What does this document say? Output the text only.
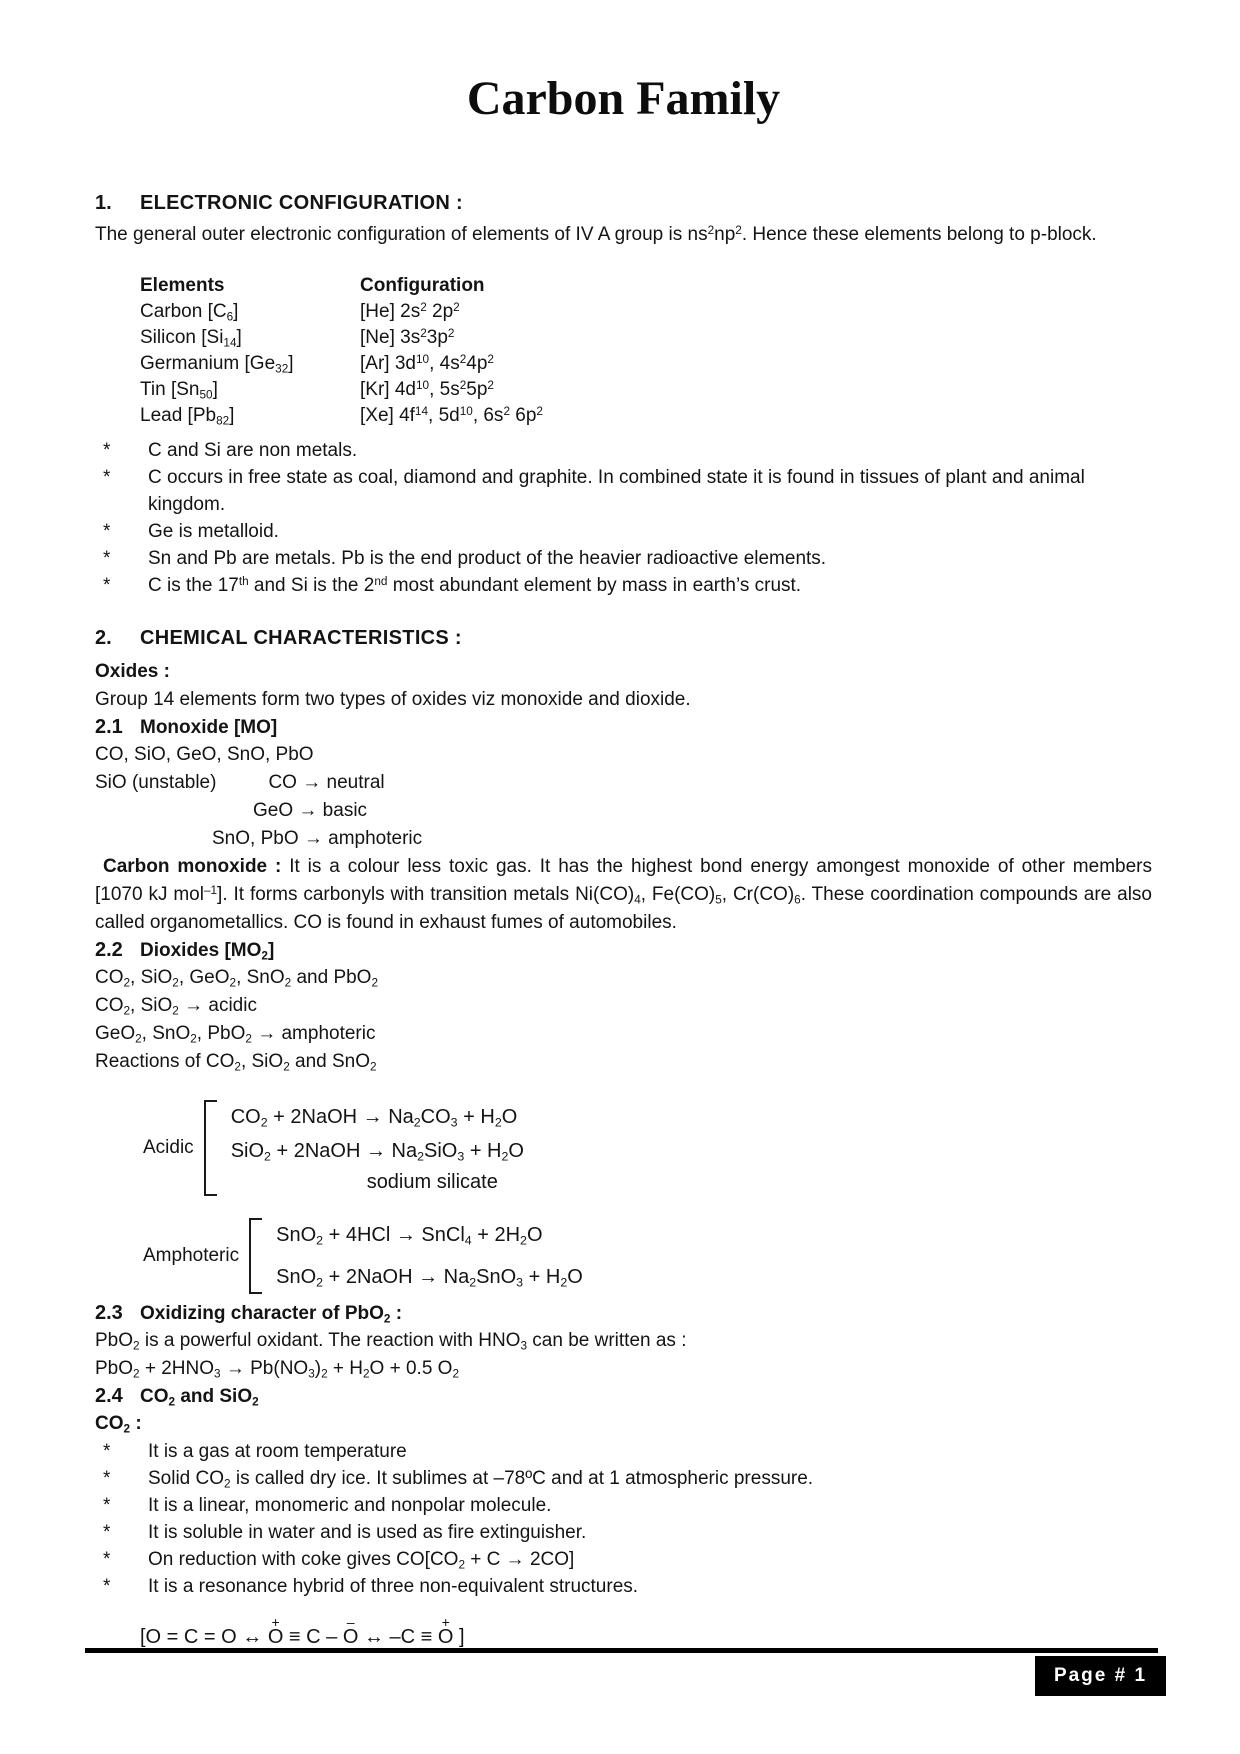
Carbon Family
1.	ELECTRONIC CONFIGURATION :

The general outer electronic configuration of elements of IV A group is $ns^2np^2$. Hence these elements belong to p-block.

Elements	Configuration
Carbon $[C_6]$	[He] $2s^2$ $2p^2$
Silicon $[Si_{14}]$	[Ne] $3s^23p^2$
Germanium $[Ge_{32}]$	[Ar] $3d^{10}$, $4s^24p^2$
Tin $[Sn_{50}]$	[Kr] $4d^{10}$, $5s^25p^2$
Lead $[Pb_{82}]$	[Xe] $4f^{14}$, $5d^{10}$, $6s^2$ $6p^2$
*	C and Si are non metals.
*	C occurs in free state as coal, diamond and graphite. In combined state it is found in tissues of plant and animal kingdom.
*	Ge is metalloid.
*	Sn and Pb are metals. Pb is the end product of the heavier radioactive elements.
*	C is the 17th and Si is the 2nd most abundant element by mass in earth’s crust.
2.	CHEMICAL CHARACTERISTICS :

Oxides :

Group 14 elements form two types of oxides viz monoxide and dioxide.

2.1 Monoxide [MO]

CO, SiO, GeO, SnO, PbO

SiO (unstable)	CO → neutral

GeO → basic

SnO, PbO → amphoteric

Carbon monoxide : It is a colour less toxic gas. It has the highest bond energy amongest monoxide of other members [1070 kJ mol$^{-1}$]. It forms carbonyls with transition metals $Ni(CO)_4$, $Fe(CO)_5$, $Cr(CO)_6$. These coordination compounds are also called organometallics. CO is found in exhaust fumes of automobiles.

2.2 Dioxides $[MO_2]$

$CO_2$, SiO$_2$, GeO$_2$, SnO$_2$ and PbO$_2$

$CO_2$, SiO$_2$ → acidic

GeO$_2$, SnO$_2$, PbO$_2$ → amphoteric

Reactions of $CO_2$, SiO$_2$ and SnO$_2$

Acidic
$CO_2$ + 2NaOH → $Na_2CO_3 + H_2O$
SiO$_2$ + 2NaOH → $Na_2SiO_3 + H_2O$
sodium silicate
Amphoteric
SnO$_2$ + 4HCl → SnCl$_4$ + $2H_2O$
SnO$_2$ + 2NaOH → $Na_2SnO_3 + H_2O$
2.3 Oxidizing character of PbO$_2$ :

PbO$_2$ is a powerful oxidant. The reaction with $HNO_3$ can be written as :

$PbO_2 + 2HNO_3 \to Pb(NO_3)_2 + H_2O + 0.5$ $O_2$

2.4 $CO_2$ and SiO$_2$

$CO_2$ :

*	It is a gas at room temperature
*	Solid $CO_2$ is called dry ice. It sublimes at –78ºC and at 1 atmospheric pressure.
*	It is a linear, monomeric and nonpolar molecule.
*	It is soluble in water and is used as fire extinguisher.
*	On reduction with coke gives $CO[CO_2 + C \to 2CO]$
*	It is a resonance hybrid of three non-equivalent structures.

[O = C = O ↔
+
O ≡ C –
–
O ↔ –C ≡
+
O ]

Page # 1
